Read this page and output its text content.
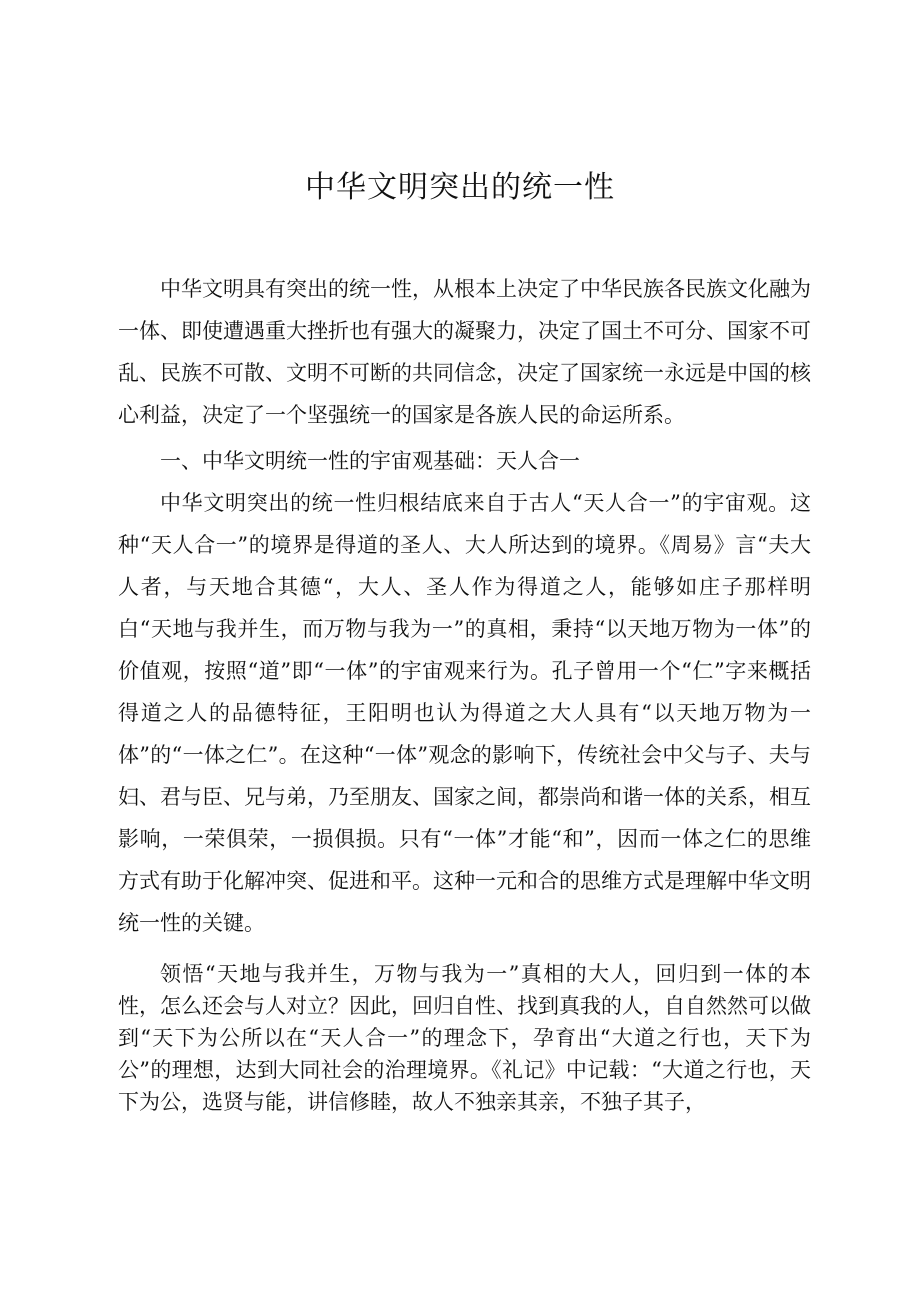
中华文明突出的统一性

中华文明具有突出的统一性，从根本上决定了中华民族各民族文化融为一体、即使遭遇重大挫折也有强大的凝聚力，决定了国土不可分、国家不可乱、民族不可散、文明不可断的共同信念，决定了国家统一永远是中国的核心利益，决定了一个坚强统一的国家是各族人民的命运所系。

一、中华文明统一性的宇宙观基础：天人合一

中华文明突出的统一性归根结底来自于古人“天人合一”的宇宙观。这种“天人合一”的境界是得道的圣人、大人所达到的境界。《周易》言“夫大人者，与天地合其德“，大人、圣人作为得道之人，能够如庄子那样明白“天地与我并生，而万物与我为一”的真相，秉持“以天地万物为一体”的价值观，按照“道”即“一体”的宇宙观来行为。孔子曾用一个“仁”字来概括得道之人的品德特征，王阳明也认为得道之大人具有“以天地万物为一体”的“一体之仁”。在这种“一体”观念的影响下，传统社会中父与子、夫与妇、君与臣、兄与弟，乃至朋友、国家之间，都崇尚和谐一体的关系，相互影响，一荣俱荣，一损俱损。只有“一体”才能“和”，因而一体之仁的思维方式有助于化解冲突、促进和平。这种一元和合的思维方式是理解中华文明统一性的关键。

领悟“天地与我并生，万物与我为一”真相的大人，回归到一体的本性，怎么还会与人对立？因此，回归自性、找到真我的人，自自然然可以做到“天下为公所以在“天人合一”的理念下，孕育出“大道之行也，天下为公”的理想，达到大同社会的治理境界。《礼记》中记载：“大道之行也，天下为公，选贤与能，讲信修睦，故人不独亲其亲，不独子其子，
